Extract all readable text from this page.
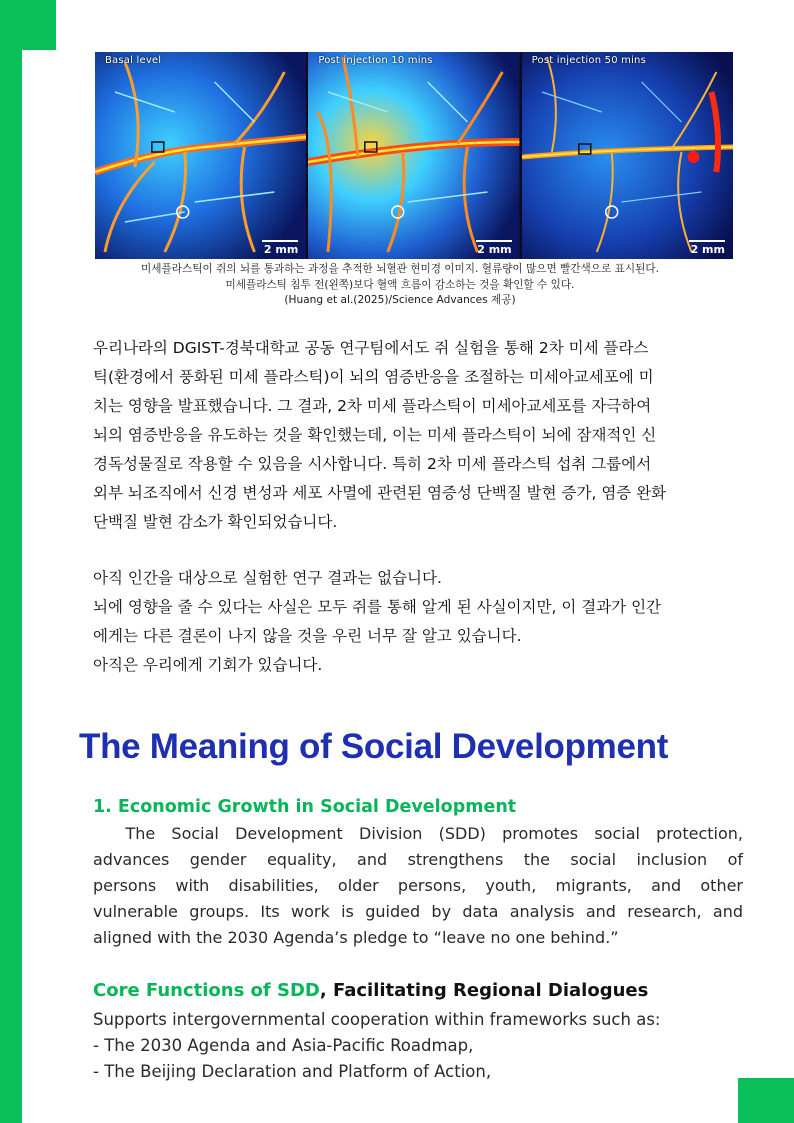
Basal level
2 mm
Post injection 10 mins
2 mm
Post injection 50 mins
2 mm

미세플라스틱이 쥐의 뇌를 통과하는 과정을 추적한 뇌혈관 현미경 이미지. 혈류량이 많으면 빨간색으로 표시된다.

미세플라스틱 침투 전(왼쪽)보다 혈액 흐름이 감소하는 것을 확인할 수 있다.

(Huang et al.(2025)/Science Advances 제공)

우리나라의 DGIST-경북대학교 공동 연구팀에서도 쥐 실험을 통해 2차 미세 플라스

틱(환경에서 풍화된 미세 플라스틱)이 뇌의 염증반응을 조절하는 미세아교세포에 미

치는 영향을 발표했습니다. 그 결과, 2차 미세 플라스틱이 미세아교세포를 자극하여

뇌의 염증반응을 유도하는 것을 확인했는데, 이는 미세 플라스틱이 뇌에 잠재적인 신

경독성물질로 작용할 수 있음을 시사합니다. 특히 2차 미세 플라스틱 섭취 그룹에서

외부 뇌조직에서 신경 변성과 세포 사멸에 관련된 염증성 단백질 발현 증가, 염증 완화

단백질 발현 감소가 확인되었습니다.

아직 인간을 대상으로 실험한 연구 결과는 없습니다.

뇌에 영향을 줄 수 있다는 사실은 모두 쥐를 통해 알게 된 사실이지만, 이 결과가 인간

에게는 다른 결론이 나지 않을 것을 우린 너무 잘 알고 있습니다.

아직은 우리에게 기회가 있습니다.

The Meaning of Social Development
1. Economic Growth in Social Development
The Social Development Division (SDD) promotes social protection,
advances gender equality, and strengthens the social inclusion of
persons with disabilities, older persons, youth, migrants, and other
vulnerable groups. Its work is guided by data analysis and research, and
aligned with the 2030 Agenda’s pledge to “leave no one behind.”
Core Functions of SDD, Facilitating Regional Dialogues

Supports intergovernmental cooperation within frameworks such as:

- The 2030 Agenda and Asia-Pacific Roadmap,

- The Beijing Declaration and Platform of Action,
